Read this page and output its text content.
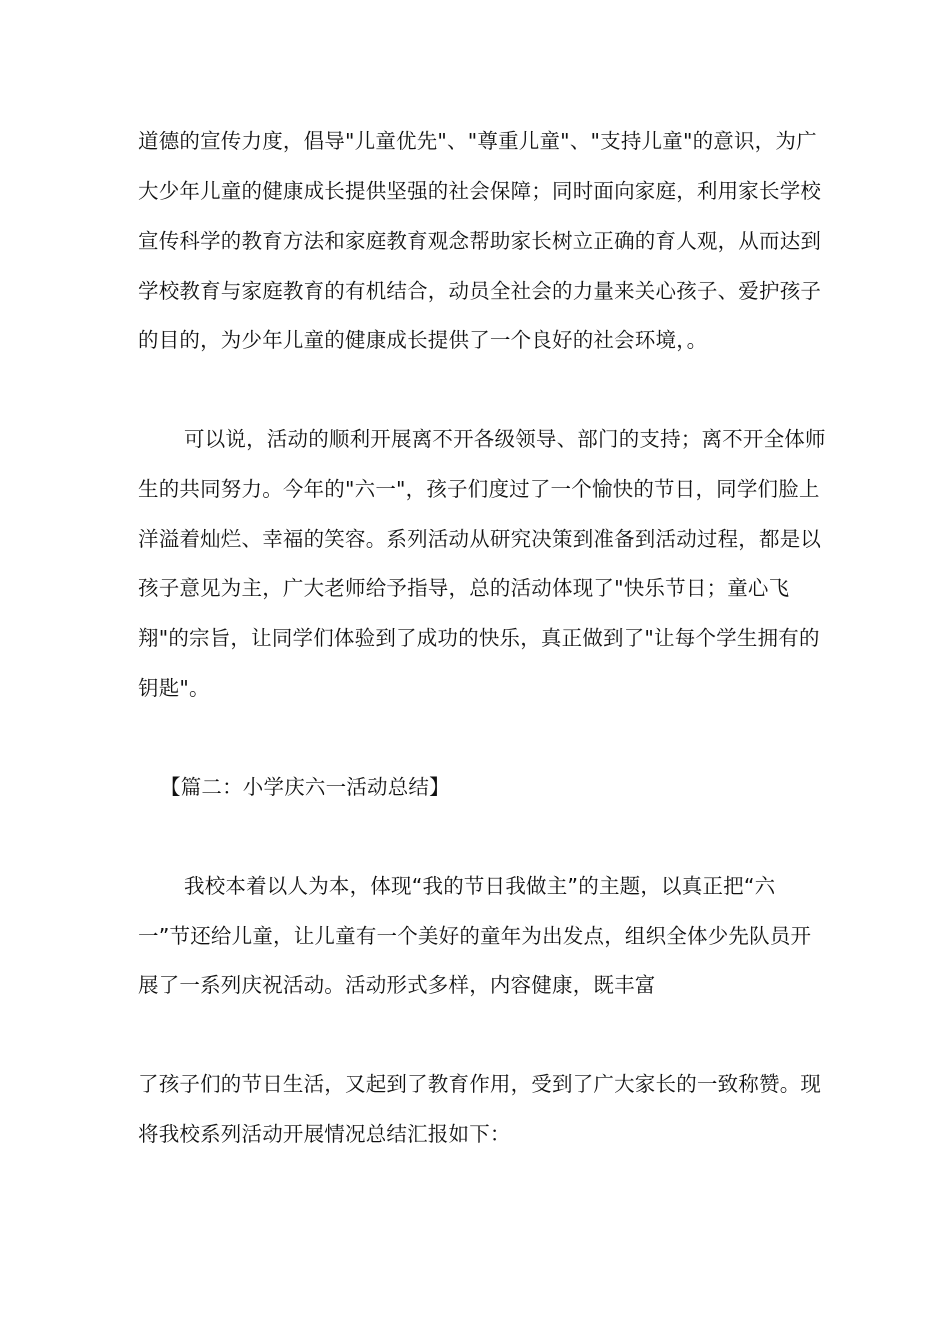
道德的宣传力度，倡导"儿童优先"、"尊重儿童"、"支持儿童"的意识，为广
大少年儿童的健康成长提供坚强的社会保障；同时面向家庭，利用家长学校
宣传科学的教育方法和家庭教育观念帮助家长树立正确的育人观，从而达到
学校教育与家庭教育的有机结合，动员全社会的力量来关心孩子、爱护孩子
的目的，为少年儿童的健康成长提供了一个良好的社会环境，。
可以说，活动的顺利开展离不开各级领导、部门的支持；离不开全体师
生的共同努力。今年的"六一"，孩子们度过了一个愉快的节日，同学们脸上
洋溢着灿烂、幸福的笑容。系列活动从研究决策到准备到活动过程，都是以
孩子意见为主，广大老师给予指导，总的活动体现了"快乐节日；童心飞
翔"的宗旨，让同学们体验到了成功的快乐，真正做到了"让每个学生拥有的
钥匙"。
【篇二：小学庆六一活动总结】
我校本着以人为本，体现“我的节日我做主”的主题，以真正把“六
一”节还给儿童，让儿童有一个美好的童年为出发点，组织全体少先队员开
展了一系列庆祝活动。活动形式多样，内容健康，既丰富
了孩子们的节日生活，又起到了教育作用，受到了广大家长的一致称赞。现
将我校系列活动开展情况总结汇报如下：
